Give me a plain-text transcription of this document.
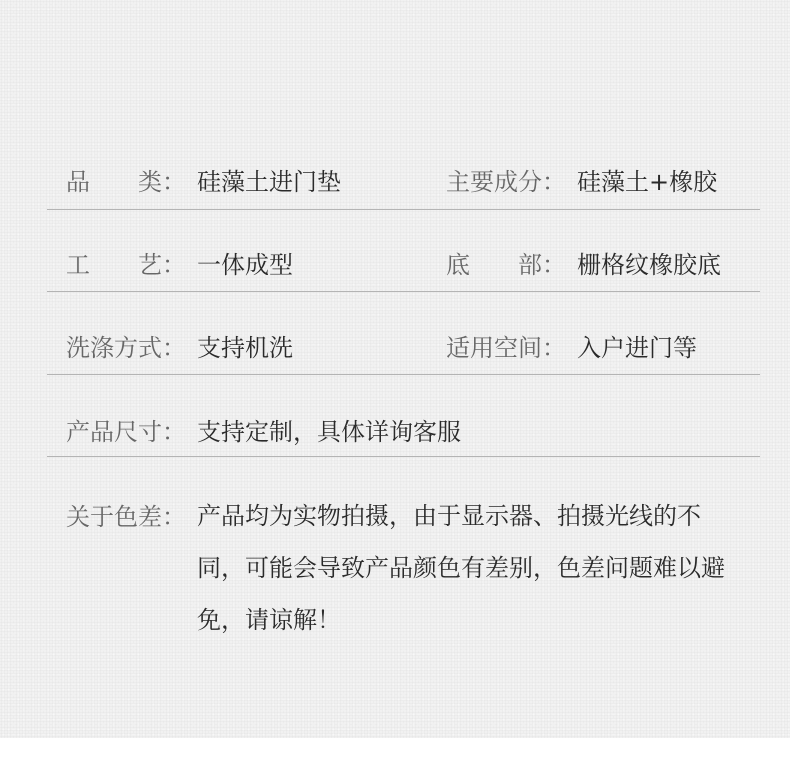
品　　类： 硅藻土进门垫	主要成分： 硅藻土+橡胶
工　　艺： 一体成型	底　　部： 栅格纹橡胶底
洗涤方式： 支持机洗	适用空间： 入户进门等
产品尺寸： 支持定制，具体详询客服
关于色差： 产品均为实物拍摄，由于显示器、拍摄光线的不同，可能会导致产品颜色有差别，色差问题难以避免，请谅解！
